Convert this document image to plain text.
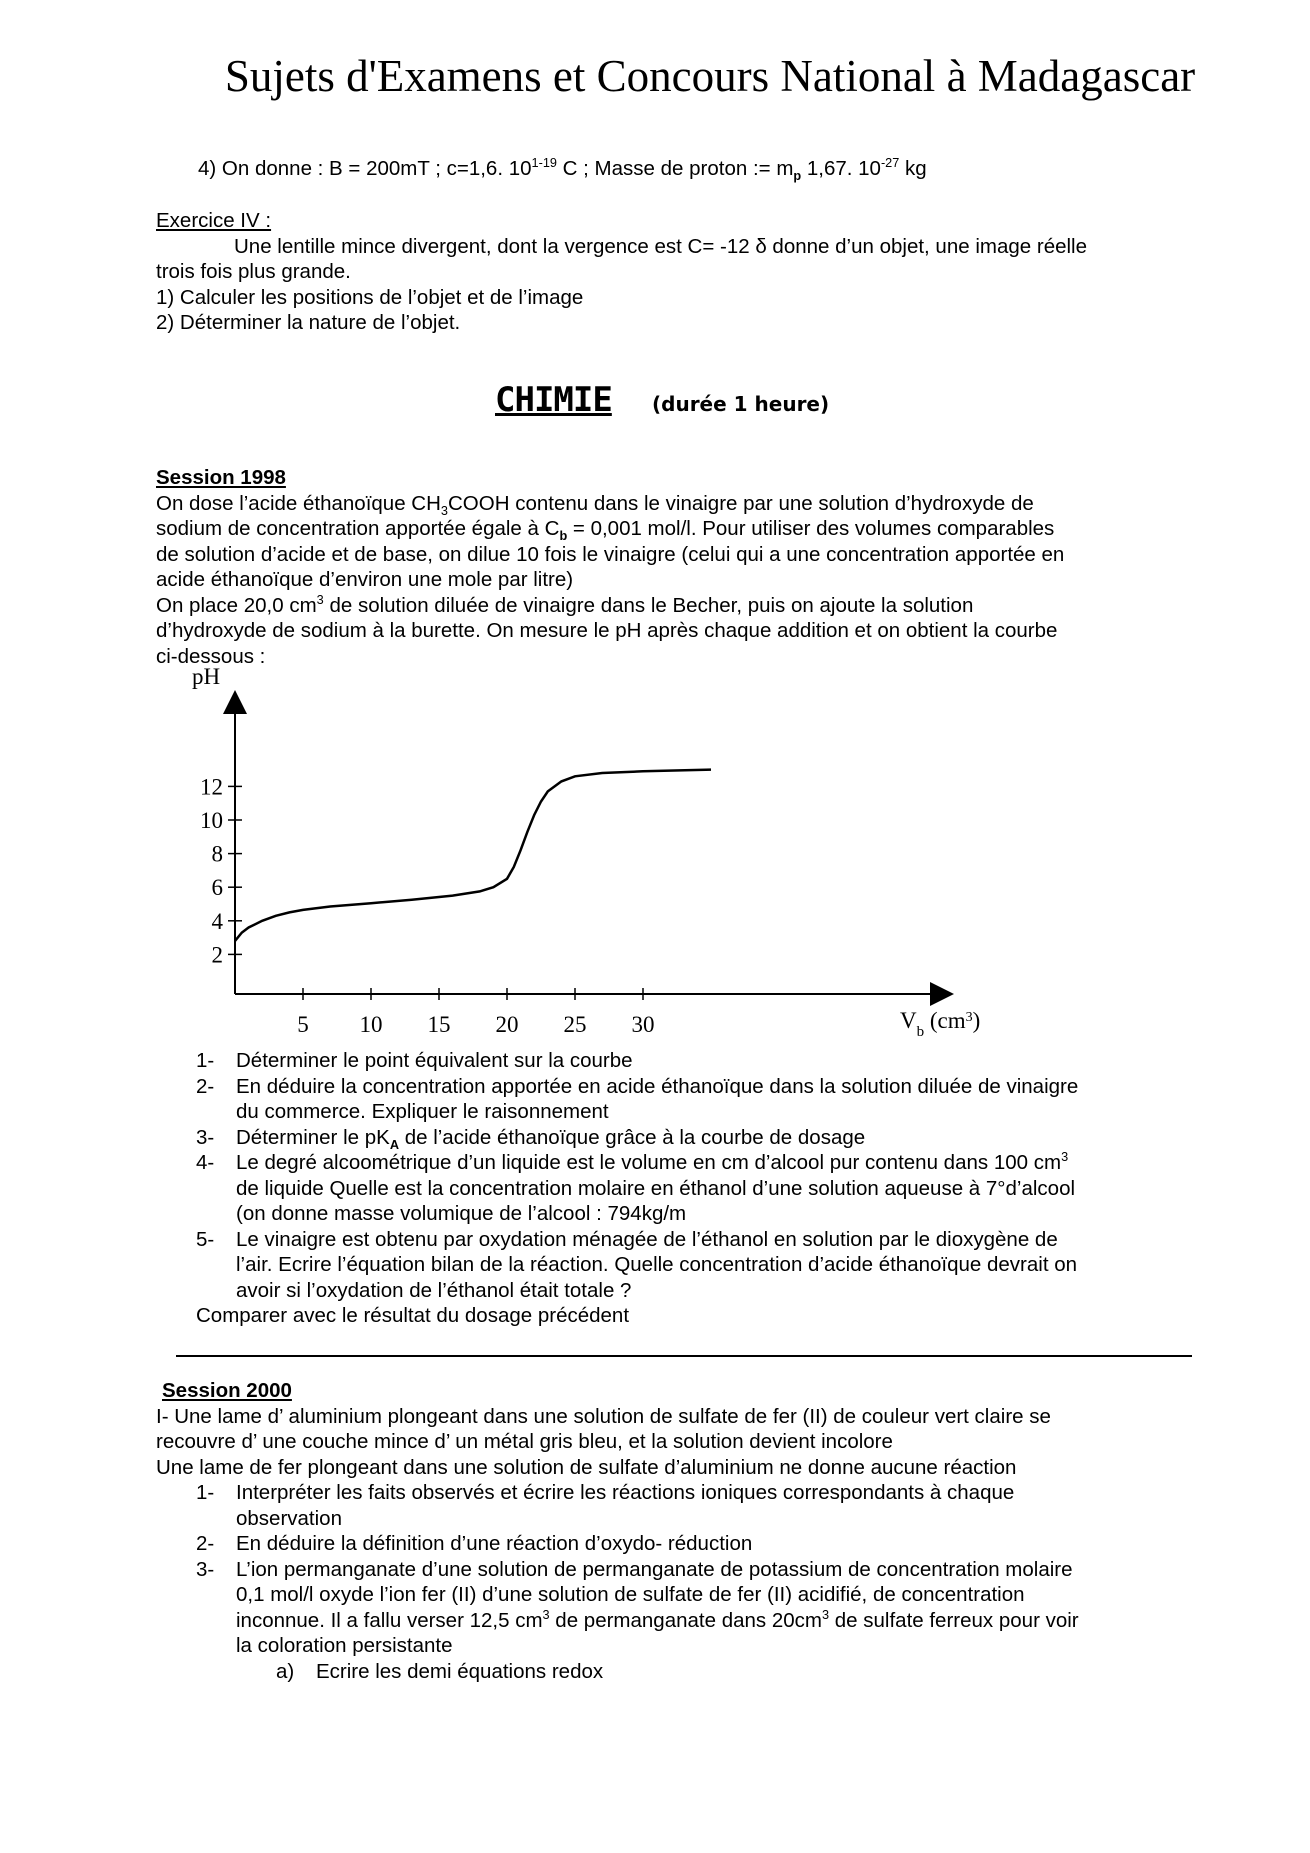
Sujets d'Examens et Concours National à Madagascar
4) On donne : B = 200mT ; c=1,6. 10$^{1-19}$ C ; Masse de proton := $m_p$ 1,67. $10^{-27}$ kg
Exercice IV :
Une lentille mince divergent, dont la vergence est C= -12 δ donne d’un objet, une image réelle
trois fois plus grande.
1) Calculer les positions de l’objet et de l’image
2) Déterminer la nature de l’objet.
CHIMIE (durée 1 heure)
Session 1998
On dose l’acide éthanoïque $CH_3COOH$ contenu dans le vinaigre par une solution d’hydroxyde de
sodium de concentration apportée égale à $C_b = 0,001$ mol/l. Pour utiliser des volumes comparables
de solution d’acide et de base, on dilue 10 fois le vinaigre (celui qui a une concentration apportée en
acide éthanoïque d’environ une mole par litre)
On place 20,0 $cm^3$ de solution diluée de vinaigre dans le Becher, puis on ajoute la solution
d’hydroxyde de sodium à la burette. On mesure le pH après chaque addition et on obtient la courbe
ci-dessous :
pH
$V_b$ $(cm^3)$
5 10 15 20 25 30
2
4
6
8
10
12
1- Déterminer le point équivalent sur la courbe
2- En déduire la concentration apportée en acide éthanoïque dans la solution diluée de vinaigre
du commerce. Expliquer le raisonnement
3- Déterminer le $pK_A$ de l’acide éthanoïque grâce à la courbe de dosage
4- Le degré alcoométrique d’un liquide est le volume en cm d’alcool pur contenu dans 100 $cm^3$
de liquide Quelle est la concentration molaire en éthanol d’une solution aqueuse à 7°d’alcool
(on donne masse volumique de l’alcool : 794kg/m
5- Le vinaigre est obtenu par oxydation ménagée de l’éthanol en solution par le dioxygène de
l’air. Ecrire l’équation bilan de la réaction. Quelle concentration d’acide éthanoïque devrait on
avoir si l’oxydation de l’éthanol était totale ?
Comparer avec le résultat du dosage précédent
Session 2000
I- Une lame d’ aluminium plongeant dans une solution de sulfate de fer (II) de couleur vert claire se
recouvre d’ une couche mince d’ un métal gris bleu, et la solution devient incolore
Une lame de fer plongeant dans une solution de sulfate d’aluminium ne donne aucune réaction
1- Interpréter les faits observés et écrire les réactions ioniques correspondants à chaque
observation
2- En déduire la définition d’une réaction d’oxydo- réduction
3- L’ion permanganate d’une solution de permanganate de potassium de concentration molaire
0,1 mol/l oxyde l’ion fer (II) d’une solution de sulfate de fer (II) acidifié, de concentration
inconnue. Il a fallu verser 12,5 $cm^3$ de permanganate dans $20cm^3$ de sulfate ferreux pour voir
la coloration persistante
a) Ecrire les demi équations redox
